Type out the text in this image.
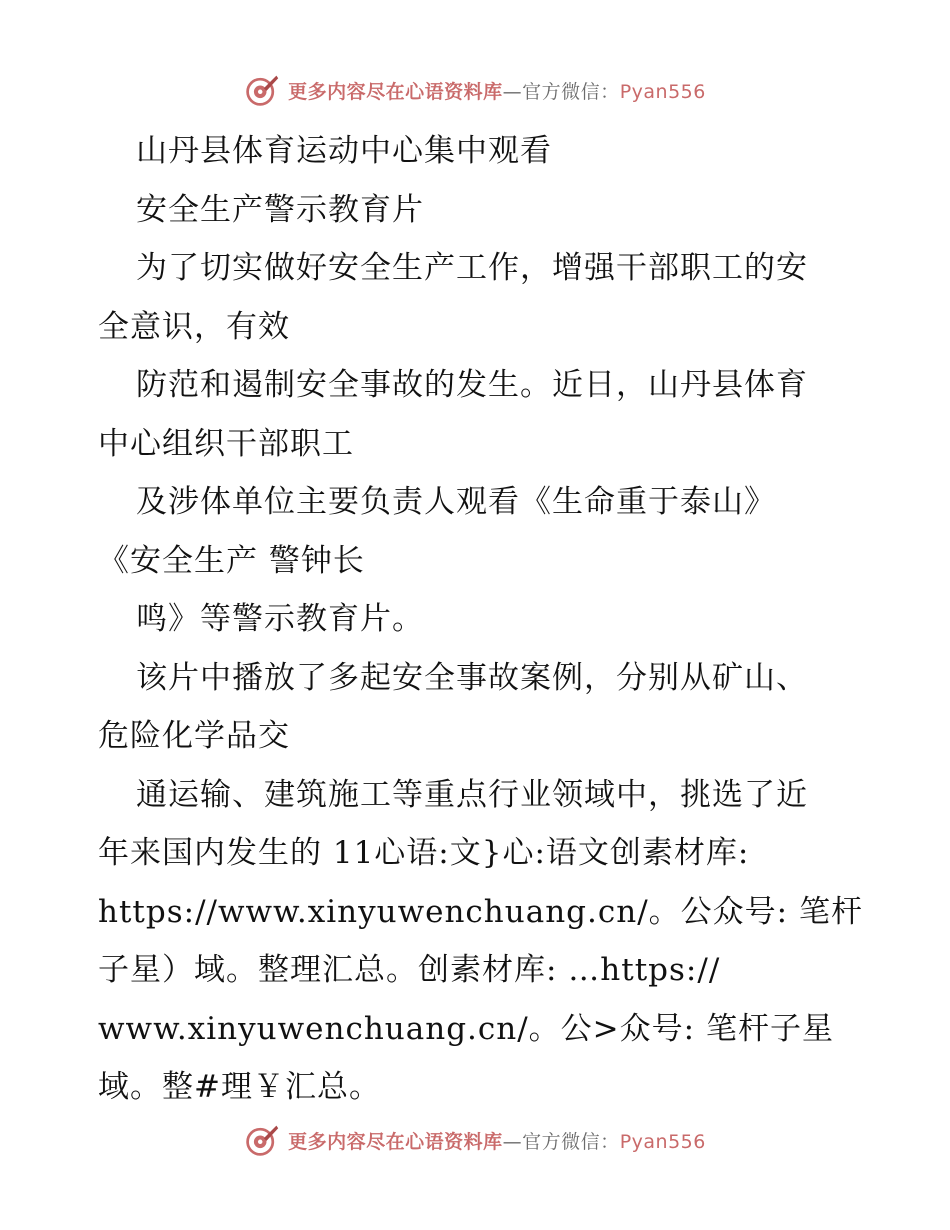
更多内容尽在心语资料库—官方微信：Pyan556
山丹县体育运动中心集中观看
安全生产警示教育片
为了切实做好安全生产工作，增强干部职工的安
全意识，有效
防范和遏制安全事故的发生。近日，山丹县体育
中心组织干部职工
及涉体单位主要负责人观看《生命重于泰山》
《安全生产 警钟长
鸣》等警示教育片。
该片中播放了多起安全事故案例，分别从矿山、
危险化学品交
通运输、建筑施工等重点行业领域中，挑选了近
年来国内发生的 11心语:文}心:语文创素材库:
https://www.xinyuwenchuang.cn/。公众号: 笔杆
子星）域。整理汇总。创素材库: …https://
www.xinyuwenchuang.cn/。公>众号: 笔杆子星
域。整#理￥汇总。
更多内容尽在心语资料库—官方微信：Pyan556
